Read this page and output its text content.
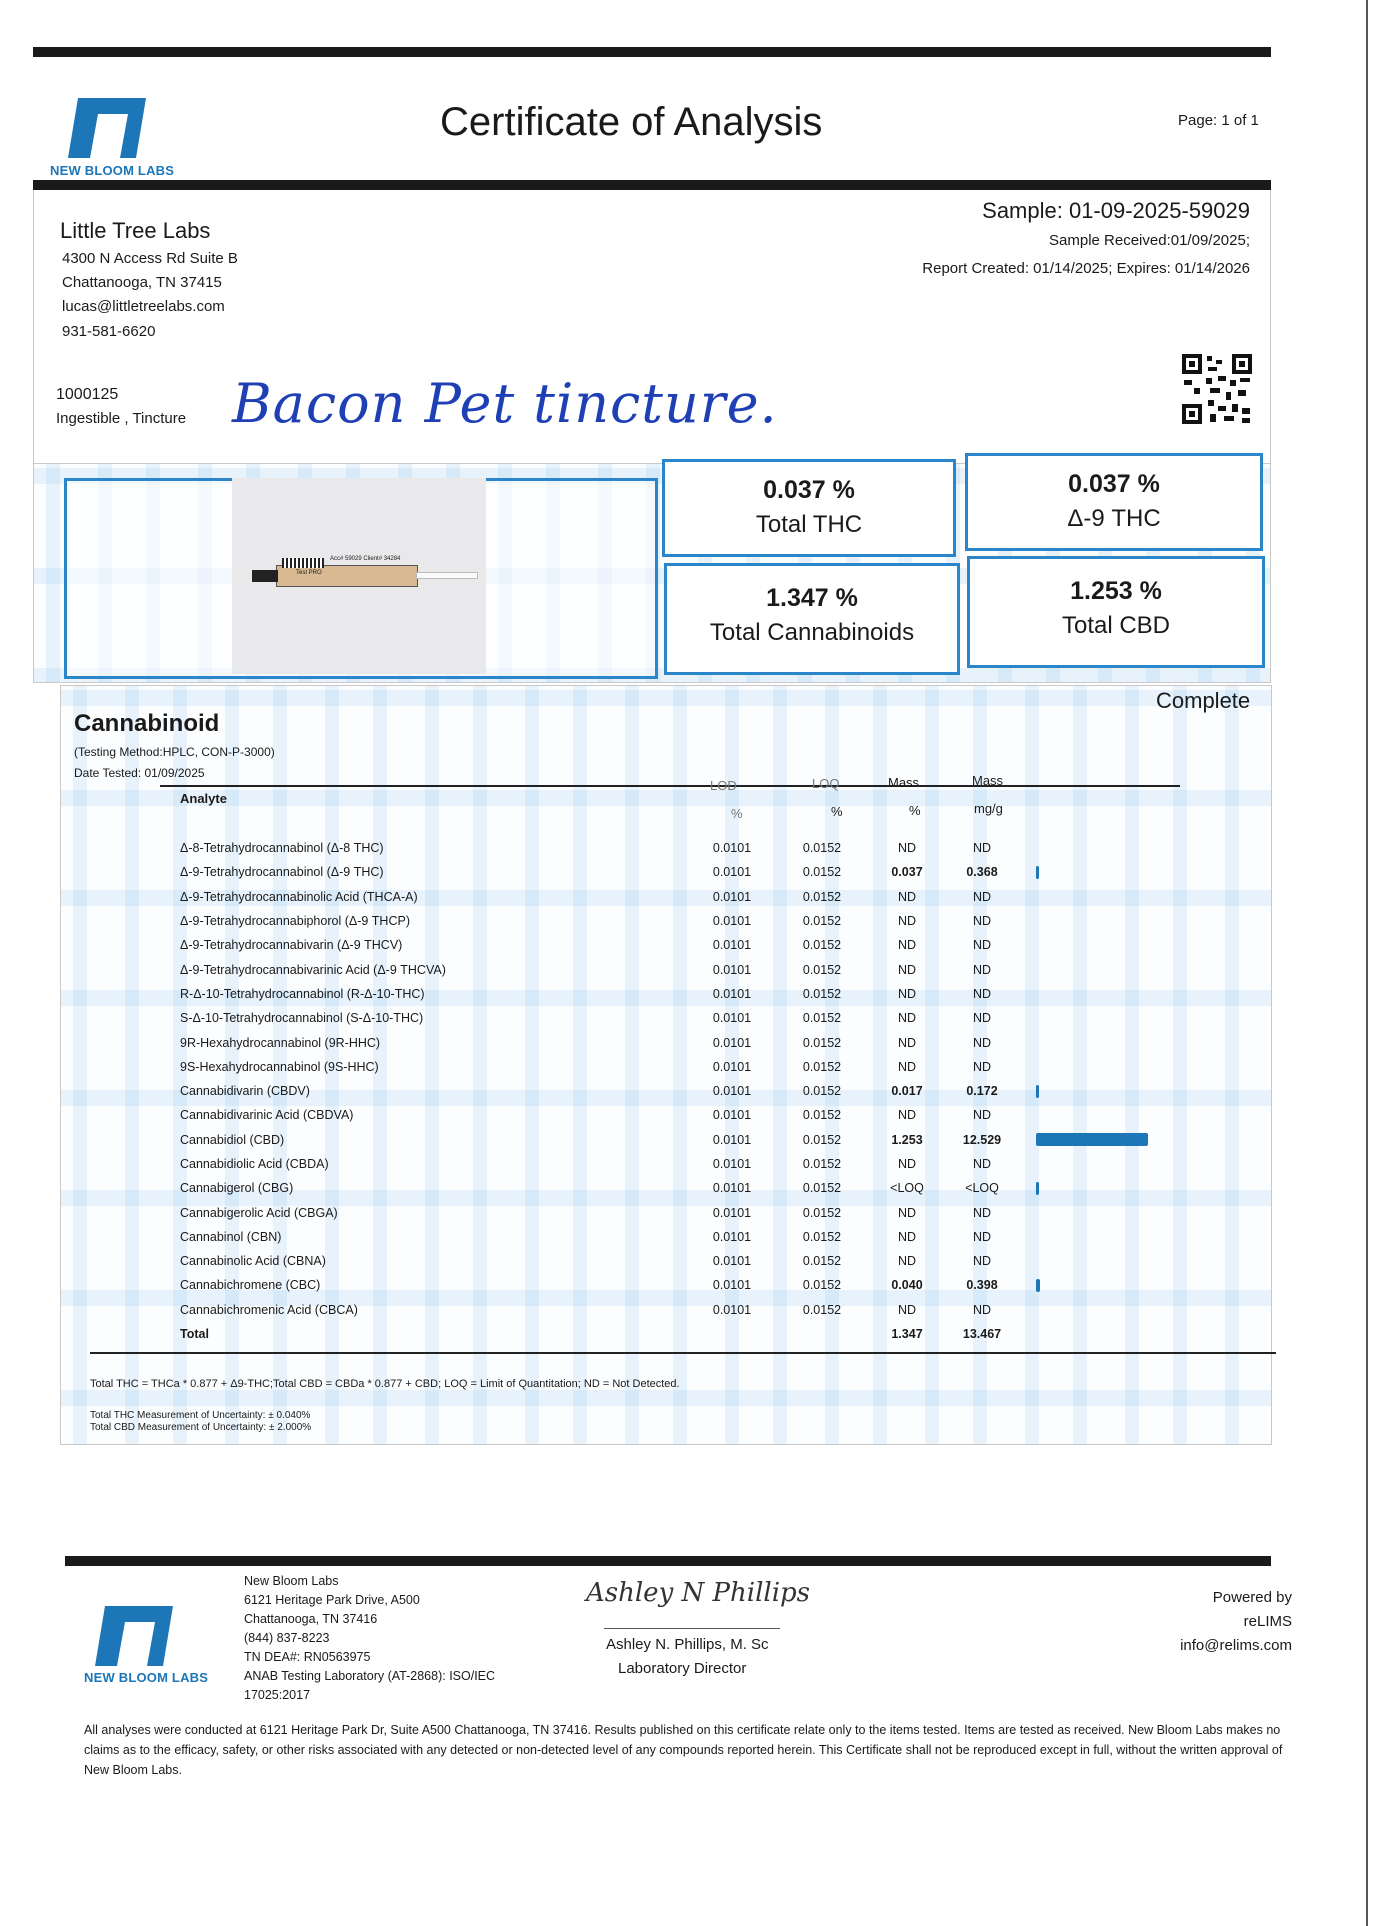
NEW BLOOM LABS
Certificate of Analysis	Page: 1 of 1
Little Tree Labs
4300 N Access Rd Suite B
Chattanooga, TN 37415
lucas@littletreelabs.com
931-581-6620
Sample: 01-09-2025-59029
Sample Received:01/09/2025;
Report Created: 01/14/2025; Expires: 01/14/2026
1000125
Ingestible , Tincture Bacon Pet tincture.
Acc# 59029 Client# 34284
Test PRO
0.037 %
Total THC
0.037 %
Δ-9 THC
1.347 %
Total Cannabinoids
1.253 %
Total CBD
Cannabinoid
Complete
(Testing Method:HPLC, CON-P-3000)
Date Tested: 01/09/2025
Analyte
LOD	LOQ	Mass	Mass
%	%	%	mg/g
Δ-8-Tetrahydrocannabinol (Δ-8 THC)	0.0101	0.0152	ND	ND	
Δ-9-Tetrahydrocannabinol (Δ-9 THC)	0.0101	0.0152	0.037	0.368	

Δ-9-Tetrahydrocannabinolic Acid (THCA-A)	0.0101	0.0152	ND	ND	
Δ-9-Tetrahydrocannabiphorol (Δ-9 THCP)	0.0101	0.0152	ND	ND	
Δ-9-Tetrahydrocannabivarin (Δ-9 THCV)	0.0101	0.0152	ND	ND	
Δ-9-Tetrahydrocannabivarinic Acid (Δ-9 THCVA)	0.0101	0.0152	ND	ND	
R-Δ-10-Tetrahydrocannabinol (R-Δ-10-THC)	0.0101	0.0152	ND	ND	
S-Δ-10-Tetrahydrocannabinol (S-Δ-10-THC)	0.0101	0.0152	ND	ND	
9R-Hexahydrocannabinol (9R-HHC)	0.0101	0.0152	ND	ND	
9S-Hexahydrocannabinol (9S-HHC)	0.0101	0.0152	ND	ND	
Cannabidivarin (CBDV)	0.0101	0.0152	0.017	0.172	

Cannabidivarinic Acid (CBDVA)	0.0101	0.0152	ND	ND	
Cannabidiol (CBD)	0.0101	0.0152	1.253	12.529	

Cannabidiolic Acid (CBDA)	0.0101	0.0152	ND	ND	
Cannabigerol (CBG)	0.0101	0.0152	<LOQ	<LOQ	

Cannabigerolic Acid (CBGA)	0.0101	0.0152	ND	ND	
Cannabinol (CBN)	0.0101	0.0152	ND	ND	
Cannabinolic Acid (CBNA)	0.0101	0.0152	ND	ND	
Cannabichromene (CBC)	0.0101	0.0152	0.040	0.398	

Cannabichromenic Acid (CBCA)	0.0101	0.0152	ND	ND	
Total			1.347	13.467	
Total THC = THCa * 0.877 + Δ9-THC;Total CBD = CBDa * 0.877 + CBD; LOQ = Limit of Quantitation; ND = Not Detected.
Total THC Measurement of Uncertainty: ± 0.040%
Total CBD Measurement of Uncertainty: ± 2.000%
NEW BLOOM LABS
New Bloom Labs
6121 Heritage Park Drive, A500
Chattanooga, TN 37416
(844) 837-8223
TN DEA#: RN0563975
ANAB Testing Laboratory (AT-2868): ISO/IEC
17025:2017
Ashley N Phillips
Ashley N. Phillips, M. Sc
Laboratory Director
Powered by
reLIMS
info@relims.com
All analyses were conducted at 6121 Heritage Park Dr, Suite A500 Chattanooga, TN 37416. Results published on this certificate relate only to the items tested. Items are tested as received. New Bloom Labs makes no claims as to the efficacy, safety, or other risks associated with any detected or non-detected level of any compounds reported herein. This Certificate shall not be reproduced except in full, without the written approval of New Bloom Labs.
